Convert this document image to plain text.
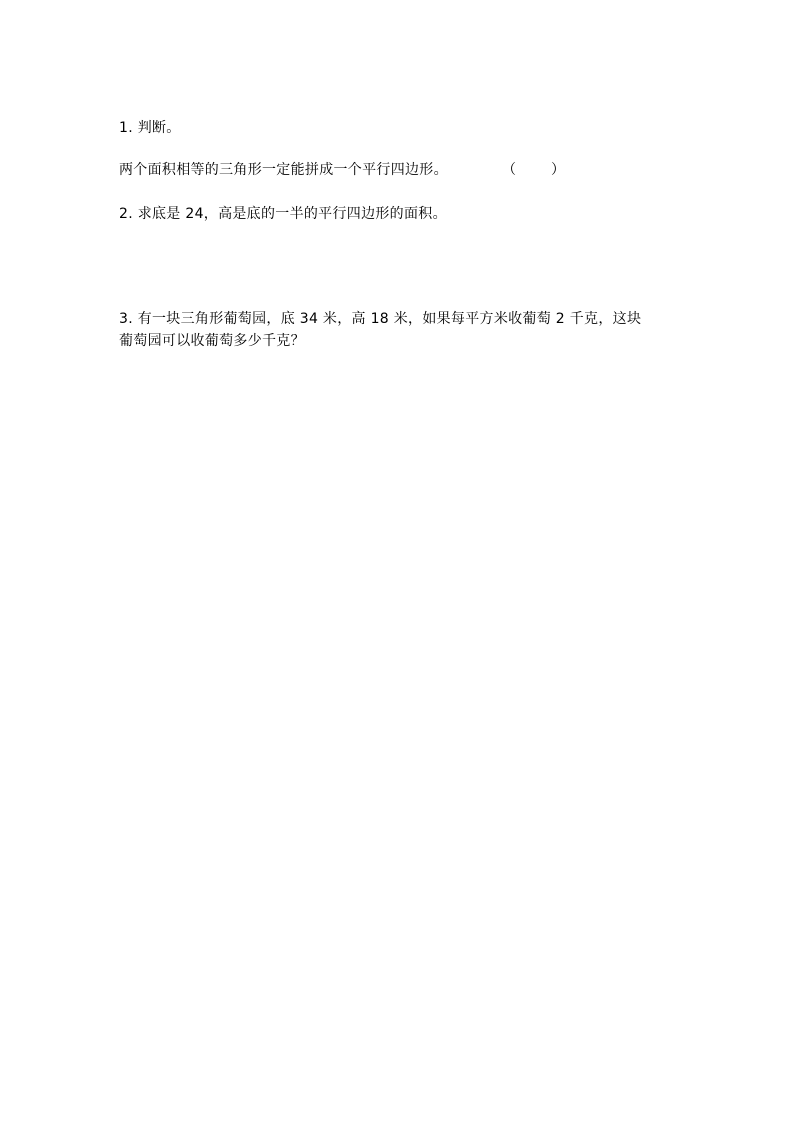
1. 判断。
两个面积相等的三角形一定能拼成一个平行四边形。	（	）
2. 求底是 24，高是底的一半的平行四边形的面积。
3. 有一块三角形葡萄园，底 34 米，高 18 米，如果每平方米收葡萄 2 千克，这块
葡萄园可以收葡萄多少千克？
